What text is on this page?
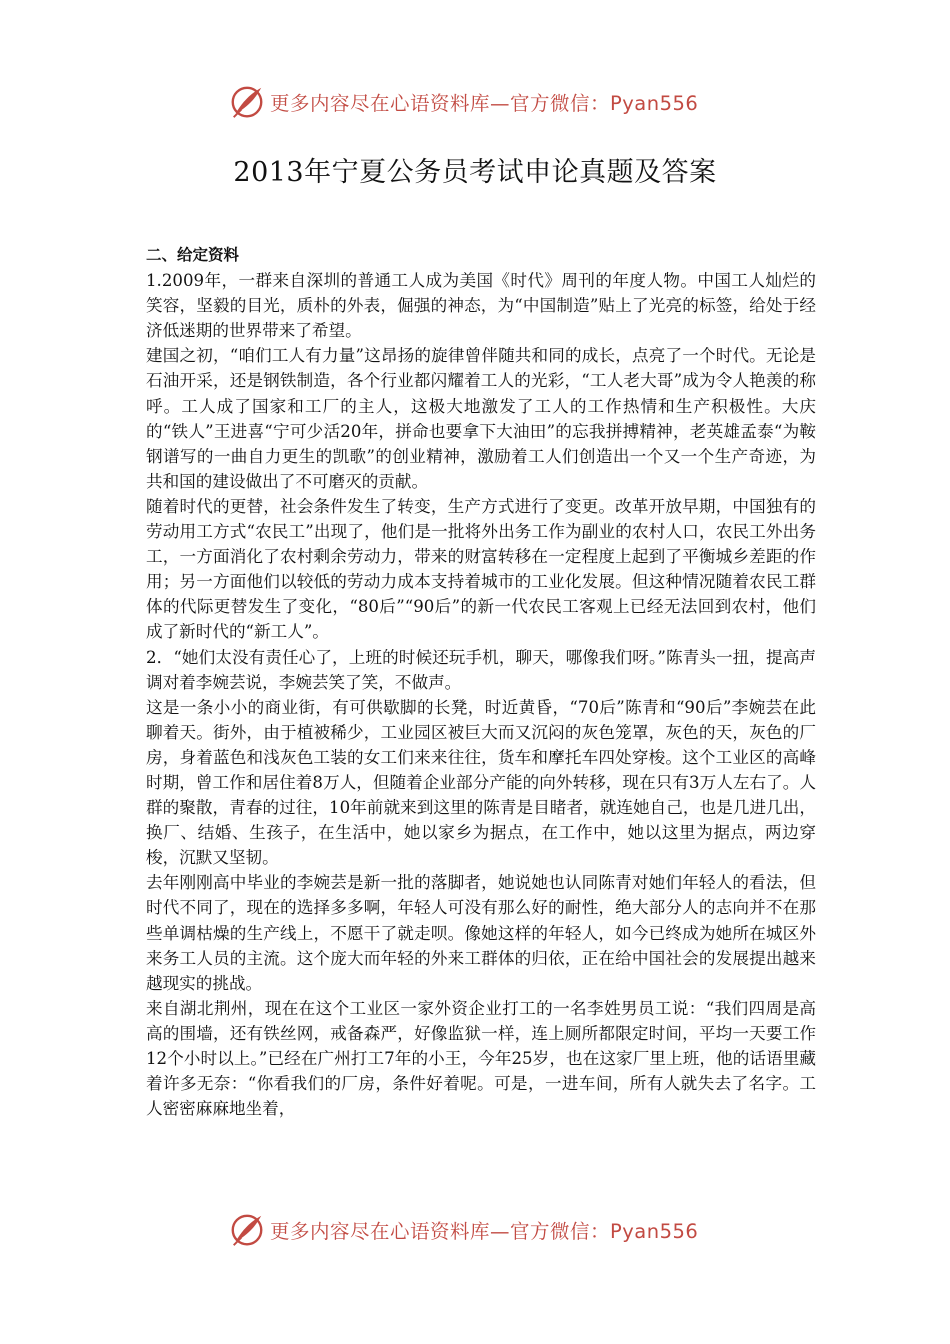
更多内容尽在心语资料库—官方微信：Pyan556
2013年宁夏公务员考试申论真题及答案
二、给定资料

1.2009年，一群来自深圳的普通工人成为美国《时代》周刊的年度人物。中国工人灿烂的笑容，坚毅的目光，质朴的外表，倔强的神态，为“中国制造”贴上了光亮的标签，给处于经济低迷期的世界带来了希望。

建国之初，“咱们工人有力量”这昂扬的旋律曾伴随共和同的成长，点亮了一个时代。无论是石油开采，还是钢铁制造，各个行业都闪耀着工人的光彩，“工人老大哥”成为令人艳羡的称呼。工人成了国家和工厂的主人，这极大地激发了工人的工作热情和生产积极性。大庆的“铁人”王进喜“宁可少活20年，拼命也要拿下大油田”的忘我拼搏精神，老英雄孟泰“为鞍钢谱写的一曲自力更生的凯歌”的创业精神，激励着工人们创造出一个又一个生产奇迹，为共和国的建设做出了不可磨灭的贡献。

随着时代的更替，社会条件发生了转变，生产方式进行了变更。改革开放早期，中国独有的劳动用工方式“农民工”出现了，他们是一批将外出务工作为副业的农村人口，农民工外出务工，一方面消化了农村剩余劳动力，带来的财富转移在一定程度上起到了平衡城乡差距的作用；另一方面他们以较低的劳动力成本支持着城市的工业化发展。但这种情况随着农民工群体的代际更替发生了变化，“80后”“90后”的新一代农民工客观上已经无法回到农村，他们成了新时代的“新工人”。

2．“她们太没有责任心了，上班的时候还玩手机，聊天，哪像我们呀。”陈青头一扭，提高声调对着李婉芸说，李婉芸笑了笑，不做声。

这是一条小小的商业街，有可供歇脚的长凳，时近黄昏，“70后”陈青和“90后”李婉芸在此聊着天。街外，由于植被稀少，工业园区被巨大而又沉闷的灰色笼罩，灰色的天，灰色的厂房，身着蓝色和浅灰色工装的女工们来来往往，货车和摩托车四处穿梭。这个工业区的高峰时期，曾工作和居住着8万人，但随着企业部分产能的向外转移，现在只有3万人左右了。人群的聚散，青春的过往，10年前就来到这里的陈青是目睹者，就连她自己，也是几进几出，换厂、结婚、生孩子，在生活中，她以家乡为据点，在工作中，她以这里为据点，两边穿梭，沉默又坚韧。

去年刚刚高中毕业的李婉芸是新一批的落脚者，她说她也认同陈青对她们年轻人的看法，但时代不同了，现在的选择多多啊，年轻人可没有那么好的耐性，绝大部分人的志向并不在那些单调枯燥的生产线上，不愿干了就走呗。像她这样的年轻人，如今已终成为她所在城区外来务工人员的主流。这个庞大而年轻的外来工群体的归依，正在给中国社会的发展提出越来越现实的挑战。

来自湖北荆州，现在在这个工业区一家外资企业打工的一名李姓男员工说：“我们四周是高高的围墙，还有铁丝网，戒备森严，好像监狱一样，连上厕所都限定时间，平均一天要工作12个小时以上。”已经在广州打工7年的小王，今年25岁，也在这家厂里上班，他的话语里藏着许多无奈：“你看我们的厂房，条件好着呢。可是，一进车间，所有人就失去了名字。工人密密麻麻地坐着，

更多内容尽在心语资料库—官方微信：Pyan556
